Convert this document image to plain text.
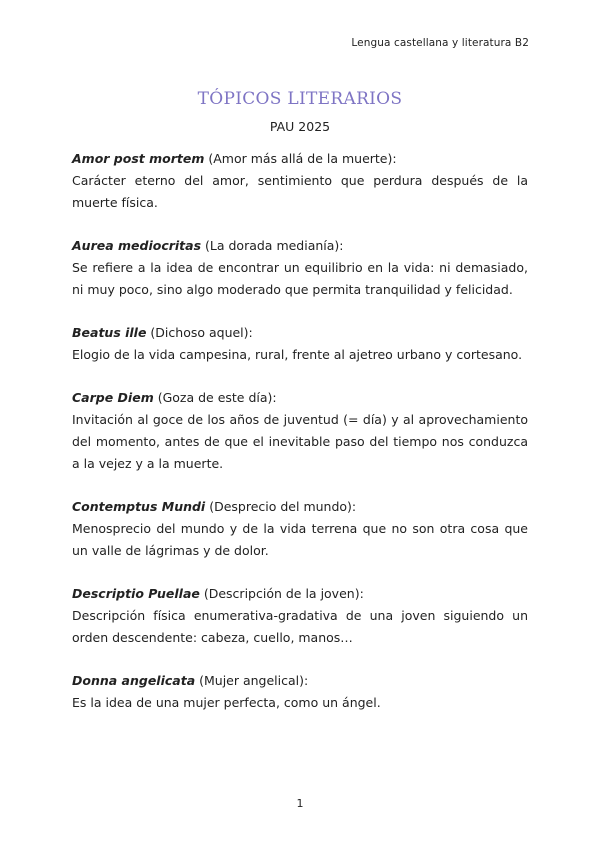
Lengua castellana y literatura B2
TÓPICOS LITERARIOS
PAU 2025
Amor post mortem (Amor más allá de la muerte):
Carácter eterno del amor, sentimiento que perdura después de la muerte física.
Aurea mediocritas (La dorada medianía):
Se refiere a la idea de encontrar un equilibrio en la vida: ni demasiado, ni muy poco, sino algo moderado que permita tranquilidad y felicidad.
Beatus ille (Dichoso aquel):
Elogio de la vida campesina, rural, frente al ajetreo urbano y cortesano.
Carpe Diem (Goza de este día):
Invitación al goce de los años de juventud (= día) y al aprovechamiento del momento, antes de que el inevitable paso del tiempo nos conduzca a la vejez y a la muerte.
Contemptus Mundi (Desprecio del mundo):
Menosprecio del mundo y de la vida terrena que no son otra cosa que un valle de lágrimas y de dolor.
Descriptio Puellae (Descripción de la joven):
Descripción física enumerativa-gradativa de una joven siguiendo un orden descendente: cabeza, cuello, manos…
Donna angelicata (Mujer angelical):
Es la idea de una mujer perfecta, como un ángel.
1
